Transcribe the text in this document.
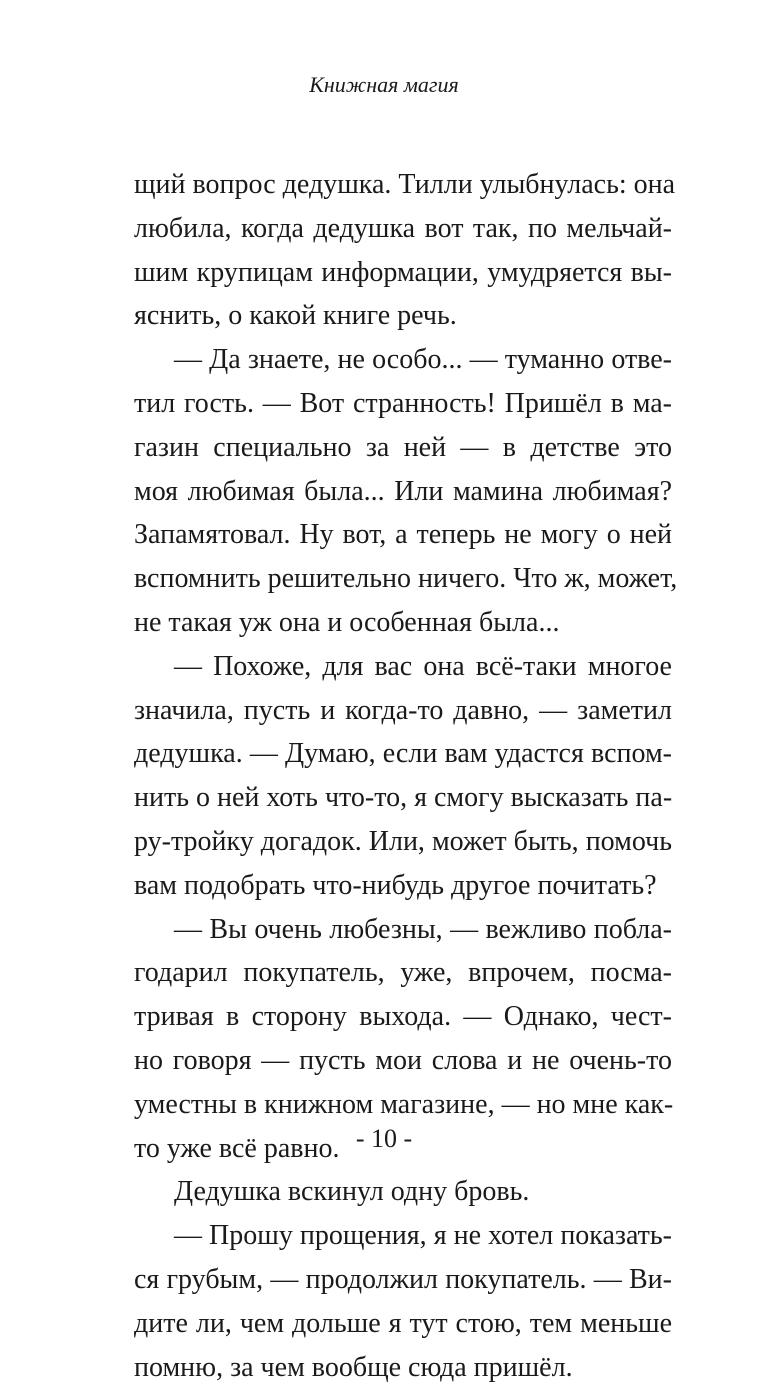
Книжная магия
щий вопрос дедушка. Тилли улыбнулась: она
любила, когда дедушка вот так, по мельчай-
шим крупицам информации, умудряется вы-
яснить, о какой книге речь.
— Да знаете, не особо... — туманно отве-
тил гость. — Вот странность! Пришёл в ма-
газин специально за ней — в детстве это
моя любимая была... Или мамина любимая?
Запамятовал. Ну вот, а теперь не могу о ней
вспомнить решительно ничего. Что ж, может,
не такая уж она и особенная была...
— Похоже, для вас она всё-таки многое
значила, пусть и когда-то давно, — заметил
дедушка. — Думаю, если вам удастся вспом-
нить о ней хоть что-то, я смогу высказать па-
ру-тройку догадок. Или, может быть, помочь
вам подобрать что-нибудь другое почитать?
— Вы очень любезны, — вежливо побла-
годарил покупатель, уже, впрочем, посма-
тривая в сторону выхода. — Однако, чест-
но говоря — пусть мои слова и не очень-то
уместны в книжном магазине, — но мне как-
то уже всё равно.
Дедушка вскинул одну бровь.
— Прошу прощения, я не хотел показать-
ся грубым, — продолжил покупатель. — Ви-
дите ли, чем дольше я тут стою, тем меньше
помню, за чем вообще сюда пришёл.
- 10 -
